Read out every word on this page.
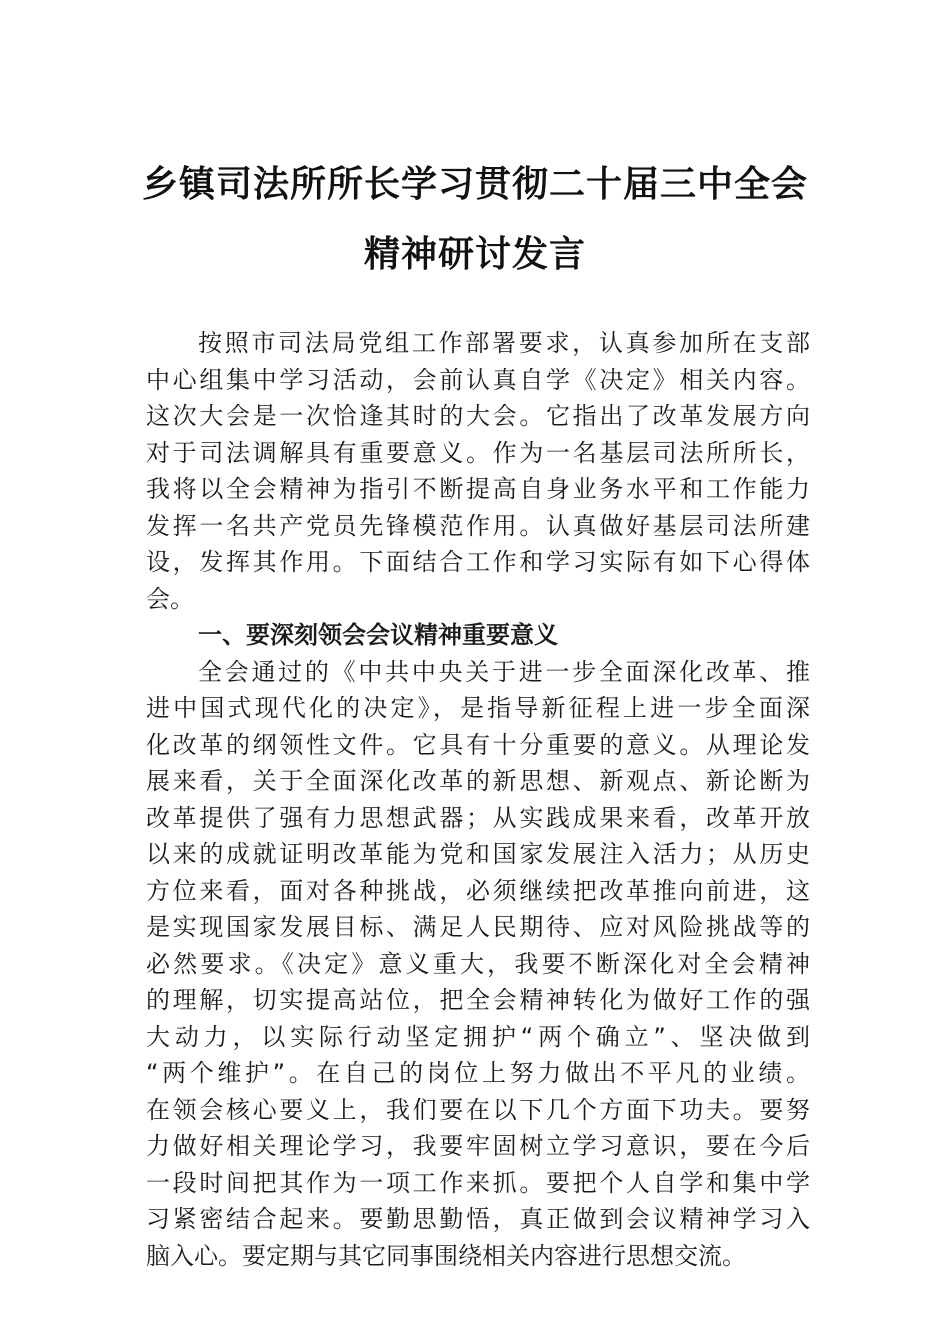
乡镇司法所所长学习贯彻二十届三中全会
精神研讨发言
按照市司法局党组工作部署要求，认真参加所在支部
中心组集中学习活动，会前认真自学《决定》相关内容。
这次大会是一次恰逢其时的大会。它指出了改革发展方向
对于司法调解具有重要意义。作为一名基层司法所所长，
我将以全会精神为指引不断提高自身业务水平和工作能力
发挥一名共产党员先锋模范作用。认真做好基层司法所建
设，发挥其作用。下面结合工作和学习实际有如下心得体
会。
一、要深刻领会会议精神重要意义
全会通过的《中共中央关于进一步全面深化改革、推
进中国式现代化的决定》，是指导新征程上进一步全面深
化改革的纲领性文件。它具有十分重要的意义。从理论发
展来看，关于全面深化改革的新思想、新观点、新论断为
改革提供了强有力思想武器；从实践成果来看，改革开放
以来的成就证明改革能为党和国家发展注入活力；从历史
方位来看，面对各种挑战，必须继续把改革推向前进，这
是实现国家发展目标、满足人民期待、应对风险挑战等的
必然要求。《决定》意义重大，我要不断深化对全会精神
的理解，切实提高站位，把全会精神转化为做好工作的强
大动力，以实际行动坚定拥护“两个确立”、坚决做到
“两个维护”。在自己的岗位上努力做出不平凡的业绩。
在领会核心要义上，我们要在以下几个方面下功夫。要努
力做好相关理论学习，我要牢固树立学习意识，要在今后
一段时间把其作为一项工作来抓。要把个人自学和集中学
习紧密结合起来。要勤思勤悟，真正做到会议精神学习入
脑入心。要定期与其它同事围绕相关内容进行思想交流。
